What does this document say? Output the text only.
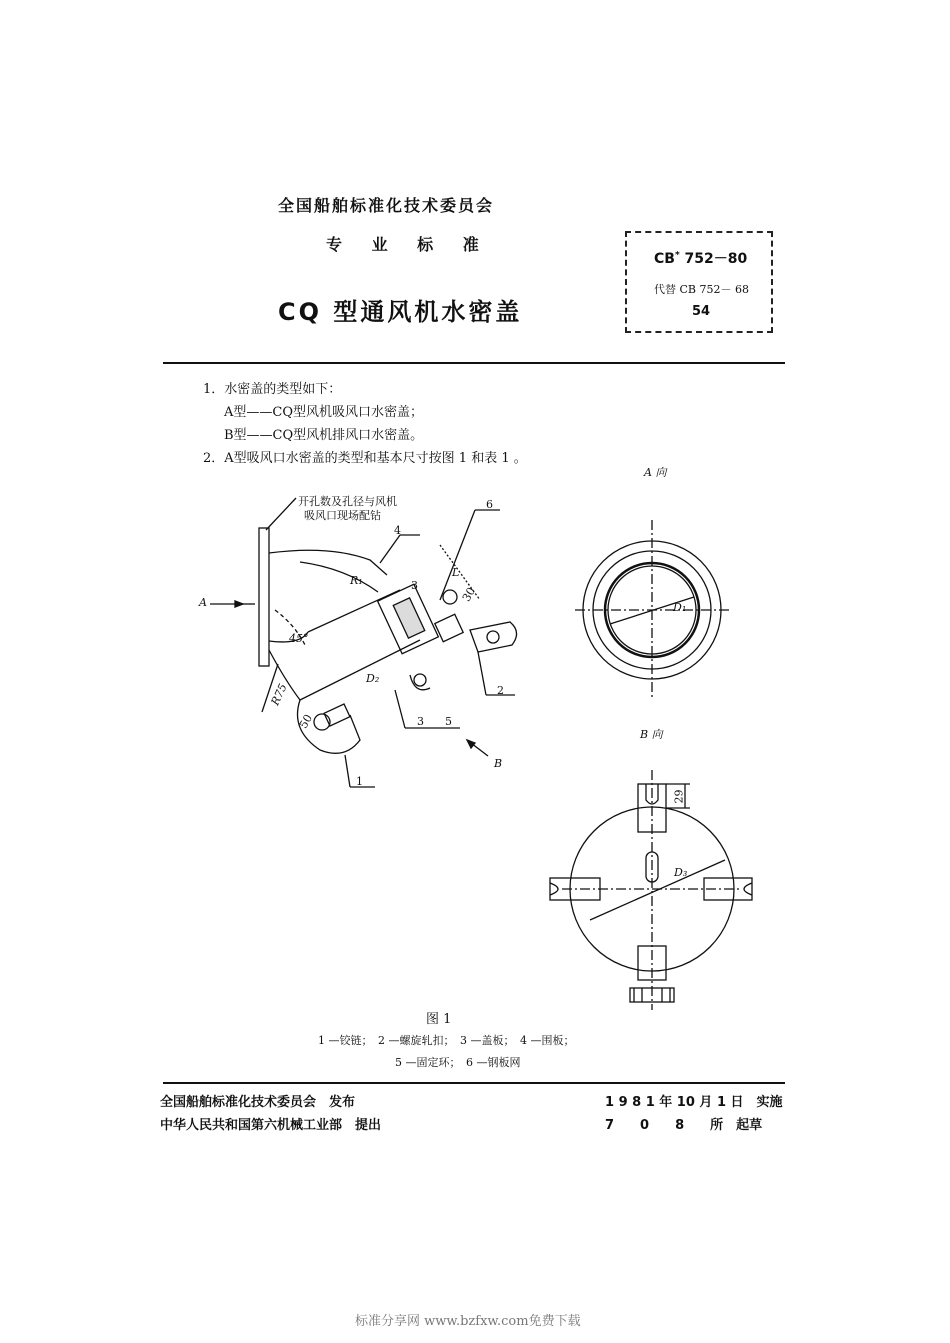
全国船舶标准化技术委员会
专 业 标 准
CQ 型通风机水密盖
CB* 752－80
代替 CB 752－ 68
54
1．水密盖的类型如下：
A型——CQ型风机吸风口水密盖；
B型——CQ型风机排风口水密盖。
2．A型吸风口水密盖的类型和基本尺寸按图 1 和表 1 。
A 向
B 向
开孔数及孔径与风机
吸风口现场配钻
A
B
45°
R₁
R75
D₁
D₂
D₃
L
30
50
3
29
1
2
3
4
5
6
图 1
1 —铰链；　2 —螺旋轧扣；　3 —盖板；　4 —围板；
5 —固定环；　6 —钢板网
全国船舶标准化技术委员会　发布
中华人民共和国第六机械工业部　提出
1 9 8 1 年 10 月 1 日　实施
7　　0　　8　　所　起草
标准分享网 www.bzfxw.com免费下载
